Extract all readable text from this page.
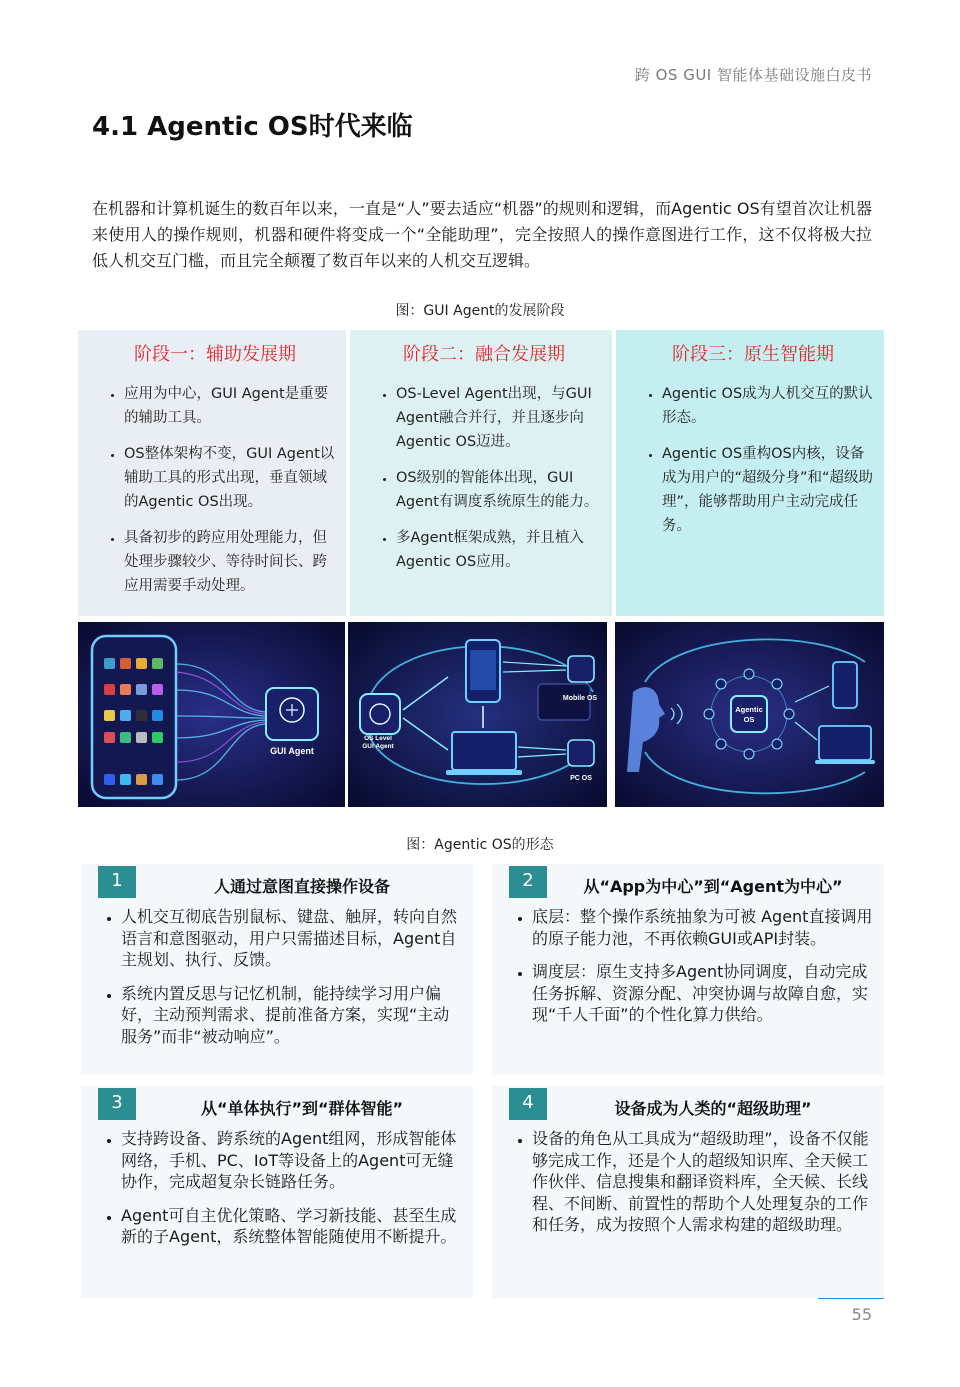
跨 OS GUI 智能体基础设施白皮书
4.1 Agentic OS时代来临

在机器和计算机诞生的数百年以来，一直是“人”要去适应“机器”的规则和逻辑，而Agentic OS有望首次让机器来使用人的操作规则，机器和硬件将变成一个“全能助理”，完全按照人的操作意图进行工作，这不仅将极大拉低人机交互门槛，而且完全颠覆了数百年以来的人机交互逻辑。

图：GUI Agent的发展阶段
阶段一：辅助发展期
• 应用为中心，GUI Agent是重要的辅助工具。
• OS整体架构不变，GUI Agent以辅助工具的形式出现，垂直领域的Agentic OS出现。
• 具备初步的跨应用处理能力，但处理步骤较少、等待时间长、跨应用需要手动处理。
阶段二：融合发展期
• OS-Level Agent出现，与GUI Agent融合并行，并且逐步向Agentic OS迈进。
• OS级别的智能体出现，GUI Agent有调度系统原生的能力。
• 多Agent框架成熟，并且植入Agentic OS应用。
阶段三：原生智能期
• Agentic OS成为人机交互的默认形态。
• Agentic OS重构OS内核，设备成为用户的“超级分身”和“超级助理”，能够帮助用户主动完成任务。
GUI Agent
OS Level
GUI Agent
Mobile OS
PC OS
Agentic
OS
图：Agentic OS的形态
1	人通过意图直接操作设备
• 人机交互彻底告别鼠标、键盘、触屏，转向自然语言和意图驱动，用户只需描述目标，Agent自主规划、执行、反馈。
• 系统内置反思与记忆机制，能持续学习用户偏好，主动预判需求、提前准备方案，实现“主动服务”而非“被动响应”。
2	从“App为中心”到“Agent为中心”
• 底层：整个操作系统抽象为可被 Agent直接调用的原子能力池，不再依赖GUI或API封装。
• 调度层：原生支持多Agent协同调度，自动完成任务拆解、资源分配、冲突协调与故障自愈，实现“千人千面”的个性化算力供给。
3	从“单体执行”到“群体智能”
• 支持跨设备、跨系统的Agent组网，形成智能体网络，手机、PC、IoT等设备上的Agent可无缝协作，完成超复杂长链路任务。
• Agent可自主优化策略、学习新技能、甚至生成新的子Agent，系统整体智能随使用不断提升。
4	设备成为人类的“超级助理”
• 设备的角色从工具成为“超级助理”，设备不仅能够完成工作，还是个人的超级知识库、全天候工作伙伴、信息搜集和翻译资料库，全天候、长线程、不间断、前置性的帮助个人处理复杂的工作和任务，成为按照个人需求构建的超级助理。
55
